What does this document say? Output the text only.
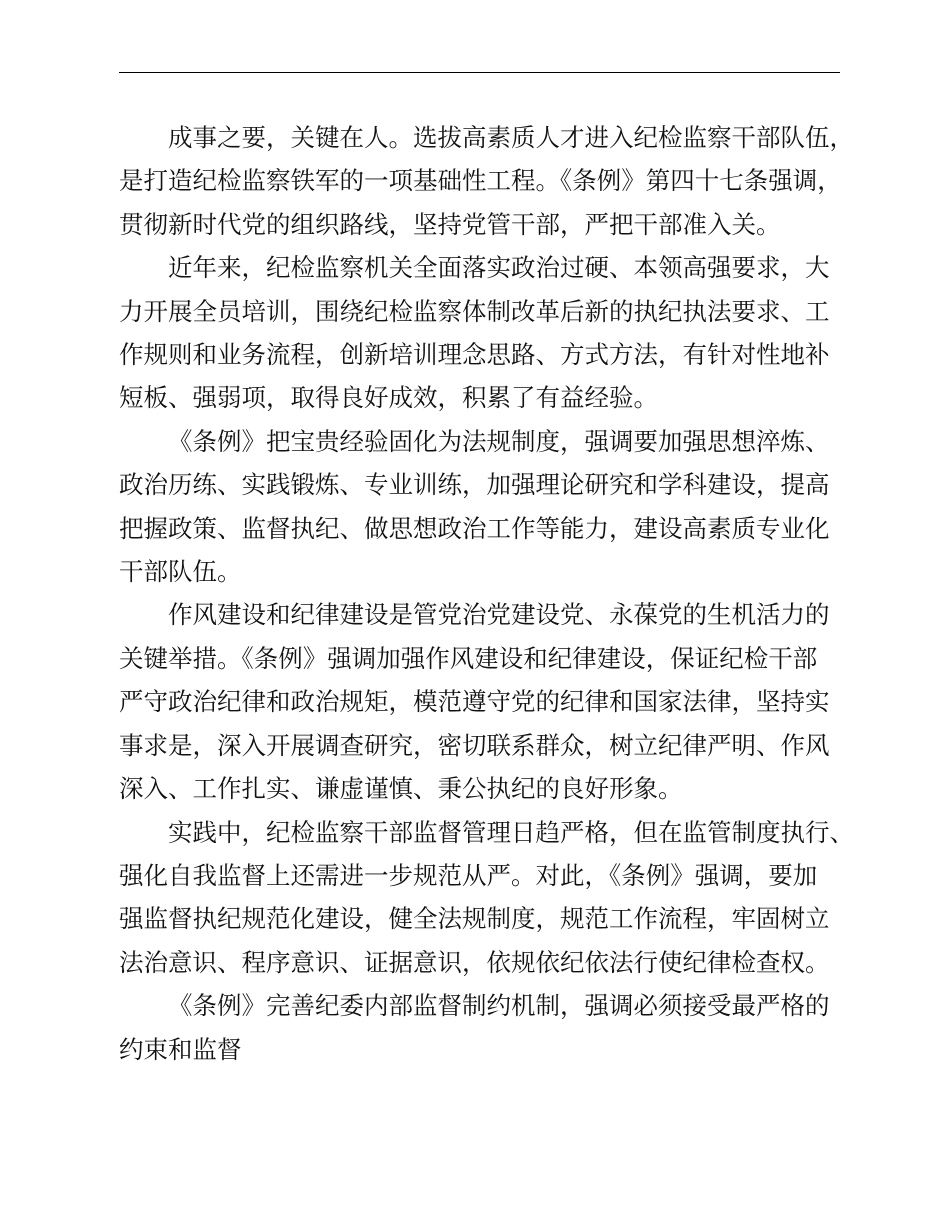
成事之要，关键在人。选拔高素质人才进入纪检监察干部队伍，
是打造纪检监察铁军的一项基础性工程。《条例》第四十七条强调，
贯彻新时代党的组织路线，坚持党管干部，严把干部准入关。

近年来，纪检监察机关全面落实政治过硬、本领高强要求，大
力开展全员培训，围绕纪检监察体制改革后新的执纪执法要求、工
作规则和业务流程，创新培训理念思路、方式方法，有针对性地补
短板、强弱项，取得良好成效，积累了有益经验。

《条例》把宝贵经验固化为法规制度，强调要加强思想淬炼、
政治历练、实践锻炼、专业训练，加强理论研究和学科建设，提高
把握政策、监督执纪、做思想政治工作等能力，建设高素质专业化
干部队伍。

作风建设和纪律建设是管党治党建设党、永葆党的生机活力的
关键举措。《条例》强调加强作风建设和纪律建设，保证纪检干部
严守政治纪律和政治规矩，模范遵守党的纪律和国家法律，坚持实
事求是，深入开展调查研究，密切联系群众，树立纪律严明、作风
深入、工作扎实、谦虚谨慎、秉公执纪的良好形象。

实践中，纪检监察干部监督管理日趋严格，但在监管制度执行、
强化自我监督上还需进一步规范从严。对此，《条例》强调，要加
强监督执纪规范化建设，健全法规制度，规范工作流程，牢固树立
法治意识、程序意识、证据意识，依规依纪依法行使纪律检查权。

《条例》完善纪委内部监督制约机制，强调必须接受最严格的
约束和监督
